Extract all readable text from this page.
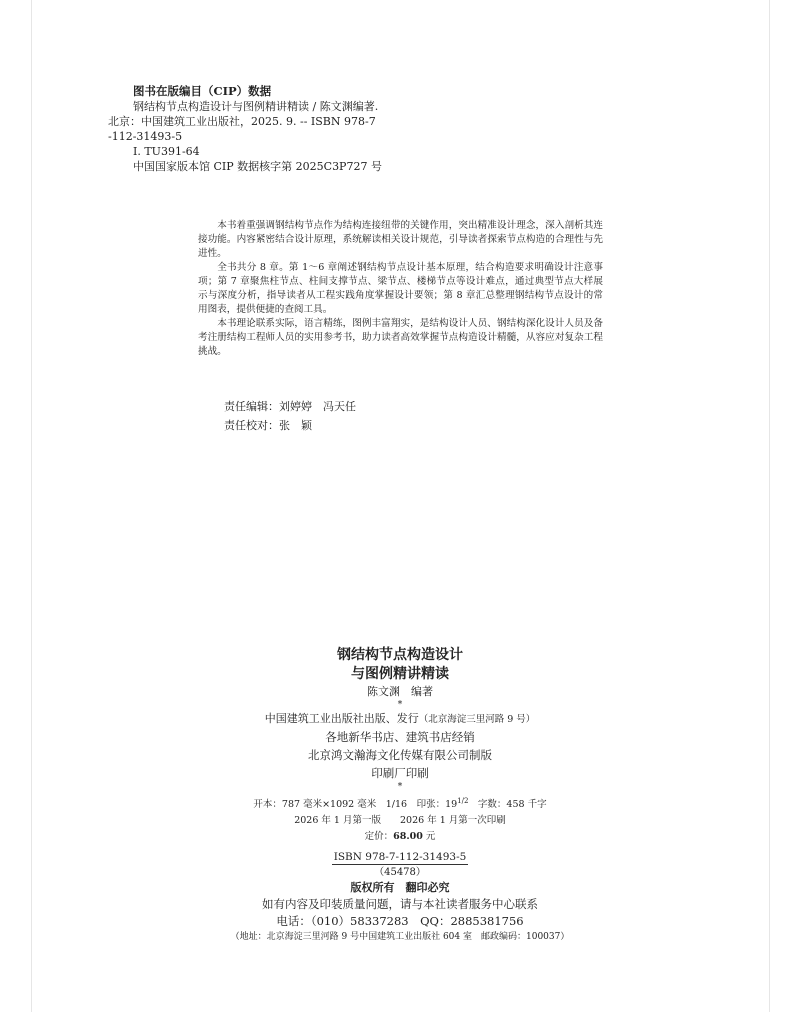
图书在版编目（CIP）数据
钢结构节点构造设计与图例精讲精读 / 陈文渊编著.
北京：中国建筑工业出版社，2025. 9. -- ISBN 978-7
-112-31493-5
Ⅰ. TU391-64
中国国家版本馆 CIP 数据核字第 2025C3P727 号

本书着重强调钢结构节点作为结构连接纽带的关键作用，突出精准设计理念，深入剖析其连接功能。内容紧密结合设计原理，系统解读相关设计规范，引导读者探索节点构造的合理性与先进性。

全书共分 8 章。第 1～6 章阐述钢结构节点设计基本原理，结合构造要求明确设计注意事项；第 7 章聚焦柱节点、柱间支撑节点、梁节点、楼梯节点等设计难点，通过典型节点大样展示与深度分析，指导读者从工程实践角度掌握设计要领；第 8 章汇总整理钢结构节点设计的常用图表，提供便捷的查阅工具。

本书理论联系实际，语言精练，图例丰富翔实，是结构设计人员、钢结构深化设计人员及备考注册结构工程师人员的实用参考书，助力读者高效掌握节点构造设计精髓，从容应对复杂工程挑战。

责任编辑：刘婷婷　冯天任
责任校对：张　颖
钢结构节点构造设计
与图例精讲精读
陈文渊　编著
*
中国建筑工业出版社出版、发行（北京海淀三里河路 9 号）
各地新华书店、建筑书店经销
北京鸿文瀚海文化传媒有限公司制版
印刷厂印刷
*
开本：787 毫米×1092 毫米　1/16　印张：$19^{1/2}$　字数：458 千字
2026 年 1 月第一版　　2026 年 1 月第一次印刷
定价：68.00 元
ISBN 978-7-112-31493-5
（45478）
版权所有　翻印必究
如有内容及印装质量问题，请与本社读者服务中心联系
电话：（010）58337283　QQ：2885381756
（地址：北京海淀三里河路 9 号中国建筑工业出版社 604 室　邮政编码：100037）
